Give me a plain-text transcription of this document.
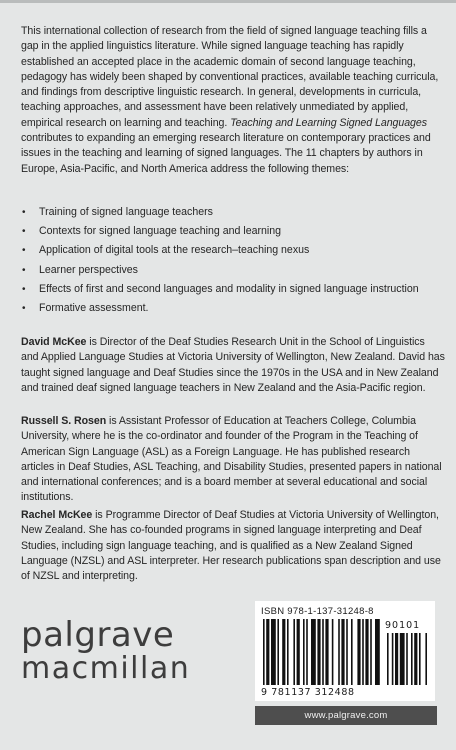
This international collection of research from the field of signed language teaching fills a gap in the applied linguistics literature. While signed language teaching has rapidly established an accepted place in the academic domain of second language teaching, pedagogy has widely been shaped by conventional practices, available teaching curricula, and findings from descriptive linguistic research. In general, developments in curricula, teaching approaches, and assessment have been relatively unmediated by applied, empirical research on learning and teaching. Teaching and Learning Signed Languages contributes to expanding an emerging research literature on contemporary practices and issues in the teaching and learning of signed languages. The 11 chapters by authors in Europe, Asia-Pacific, and North America address the following themes:

• Training of signed language teachers
• Contexts for signed language teaching and learning
• Application of digital tools at the research–teaching nexus
• Learner perspectives
• Effects of first and second languages and modality in signed language instruction
• Formative assessment.

David McKee is Director of the Deaf Studies Research Unit in the School of Linguistics and Applied Language Studies at Victoria University of Wellington, New Zealand. David has taught signed language and Deaf Studies since the 1970s in the USA and in New Zealand and trained deaf signed language teachers in New Zealand and the Asia-Pacific region.

Russell S. Rosen is Assistant Professor of Education at Teachers College, Columbia University, where he is the co-ordinator and founder of the Program in the Teaching of American Sign Language (ASL) as a Foreign Language. He has published research articles in Deaf Studies, ASL Teaching, and Disability Studies, presented papers in national and international conferences; and is a board member at several educational and social institutions.

Rachel McKee is Programme Director of Deaf Studies at Victoria University of Wellington, New Zealand. She has co-founded programs in signed language interpreting and Deaf Studies, including sign language teaching, and is qualified as a New Zealand Signed Language (NZSL) and ASL interpreter. Her research publications span description and use of NZSL and interpreting.

palgrave
macmillan
ISBN 978-1-137-31248-8
90101
9 781137 312488
www.palgrave.com
